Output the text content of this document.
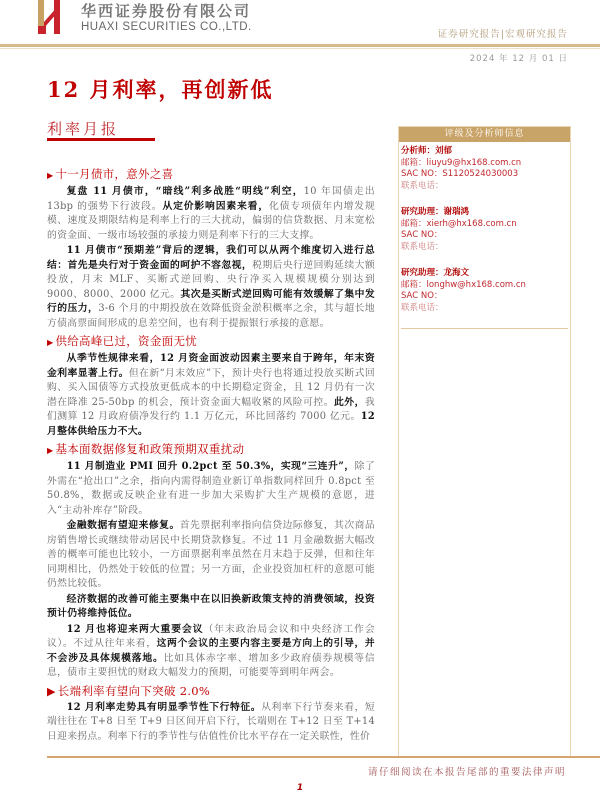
华西证券股份有限公司
HUAXI SECURITIES CO.,LTD.
证券研究报告|宏观研究报告
2024 年 12 月 01 日
12 月利率，再创新低
利率月报
▶ 十一月债市，意外之喜

复盘 11 月债市，“暗线”利多战胜“明线”利空，10 年国债走出 13bp 的强势下行波段。从定价影响因素来看，化债专项债年内增发规模、速度及期限结构是利率上行的三大扰动，偏弱的信贷数据、月末宽松的资金面、一级市场较强的承接力则是利率下行的三大支撑。

11 月债市“预期差”背后的逻辑，我们可以从两个维度切入进行总结：首先是央行对于资金面的呵护不容忽视，税期后央行逆回购延续大额投放，月末 MLF、买断式逆回购、央行净买入规模规模分别达到 9000、8000、2000 亿元。其次是买断式逆回购可能有效缓解了集中发行的压力，3-6 个月的中期投放在效降低资金淤积概率之余，其与超长地方债高票面间形成的息差空间，也有利于提振银行承接的意愿。

▶ 供给高峰已过，资金面无忧

从季节性规律来看，12 月资金面波动因素主要来自于跨年，年末资金利率显著上行。但在新“月末效应”下，预计央行也将通过投放买断式回购、买入国债等方式投放更低成本的中长期稳定资金，且 12 月仍有一次潜在降准 25-50bp 的机会，预计资金面大幅收紧的风险可控。此外，我们测算 12 月政府债净发行约 1.1 万亿元，环比回落约 7000 亿元。12 月整体供给压力不大。

▶ 基本面数据修复和政策预期双重扰动

11 月制造业 PMI 回升 0.2pct 至 50.3%，实现“三连升”，除了外需在“抢出口”之余，指向内需得制造业新订单指数同样回升 0.8pct 至 50.8%，数据或反映企业有进一步加大采购扩大生产规模的意愿，进入“主动补库存”阶段。

金融数据有望迎来修复。首先票据利率指向信贷边际修复，其次商品房销售增长或继续带动居民中长期贷款修复。不过 11 月金融数据大幅改善的概率可能也比较小，一方面票据利率虽然在月末趋于反弹，但和往年同期相比，仍然处于较低的位置；另一方面，企业投资加杠杆的意愿可能仍然比较低。

经济数据的改善可能主要集中在以旧换新政策支持的消费领域，投资预计仍将维持低位。

12 月也将迎来两大重要会议（年末政治局会议和中央经济工作会议）。不过从往年来看，这两个会议的主要内容主要是方向上的引导，并不会涉及具体规模落地。比如具体赤字率、增加多少政府债券规模等信息，债市主要担忧的财政大幅发力的预期，可能要等到明年两会。

▶ 长端利率有望向下突破 2.0%

12 月利率走势具有明显季节性下行特征。从利率下行节奏来看，短端往往在 T+8 日至 T+9 日区间开启下行，长端则在 T+12 日至 T+14 日迎来拐点。利率下行的季节性与估值性价比水平存在一定关联性，性价

评级及分析师信息
分析师：刘郁
邮箱：liuyu9@hx168.com.cn
SAC NO：S1120524030003
联系电话：
研究助理：谢瑞鸿
邮箱：xierh@hx168.com.cn
SAC NO：
联系电话：
研究助理：龙海文
邮箱：longhw@hx168.com.cn
SAC NO：
联系电话：
请仔细阅读在本报告尾部的重要法律声明
1
